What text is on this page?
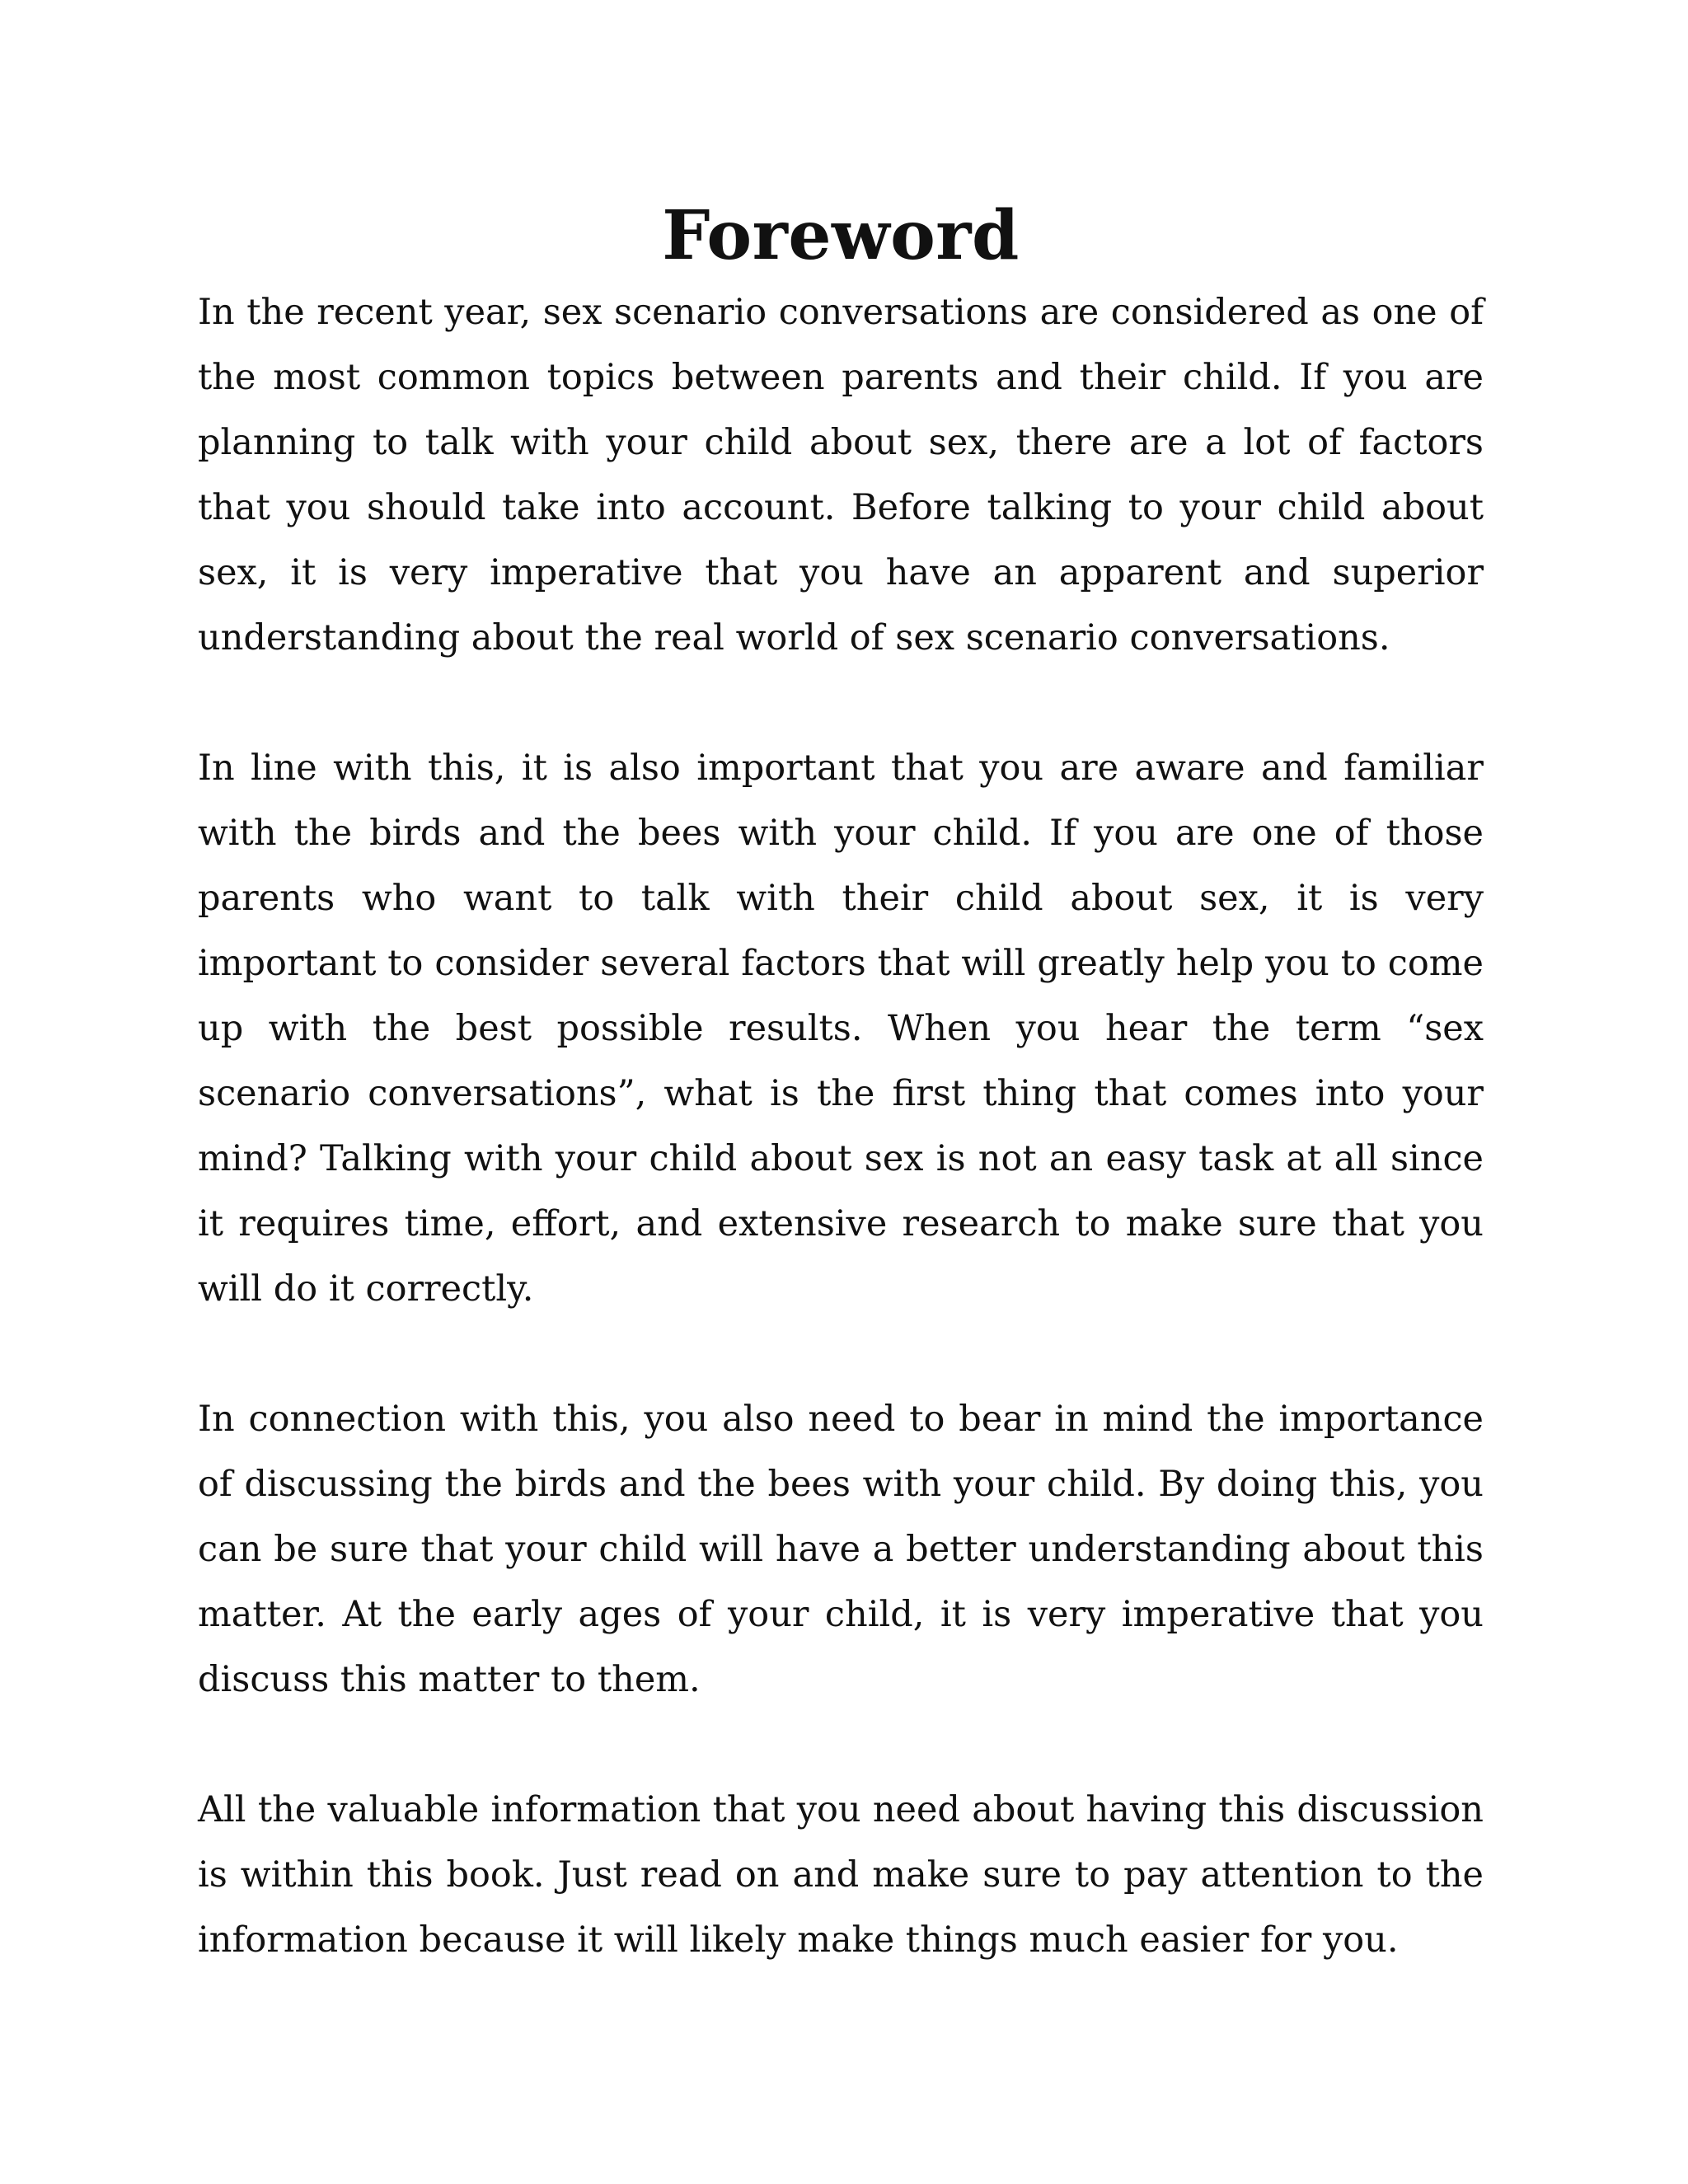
Foreword

In the recent year, sex scenario conversations are considered as one of the most common topics between parents and their child. If you are planning to talk with your child about sex, there are a lot of factors that you should take into account. Before talking to your child about sex, it is very imperative that you have an apparent and superior understanding about the real world of sex scenario conversations.

In line with this, it is also important that you are aware and familiar with the birds and the bees with your child. If you are one of those parents who want to talk with their child about sex, it is very important to consider several factors that will greatly help you to come up with the best possible results. When you hear the term “sex scenario conversations”, what is the first thing that comes into your mind? Talking with your child about sex is not an easy task at all since it requires time, effort, and extensive research to make sure that you will do it correctly.

In connection with this, you also need to bear in mind the importance of discussing the birds and the bees with your child. By doing this, you can be sure that your child will have a better understanding about this matter. At the early ages of your child, it is very imperative that you discuss this matter to them.

All the valuable information that you need about having this discussion is within this book. Just read on and make sure to pay attention to the information because it will likely make things much easier for you.
